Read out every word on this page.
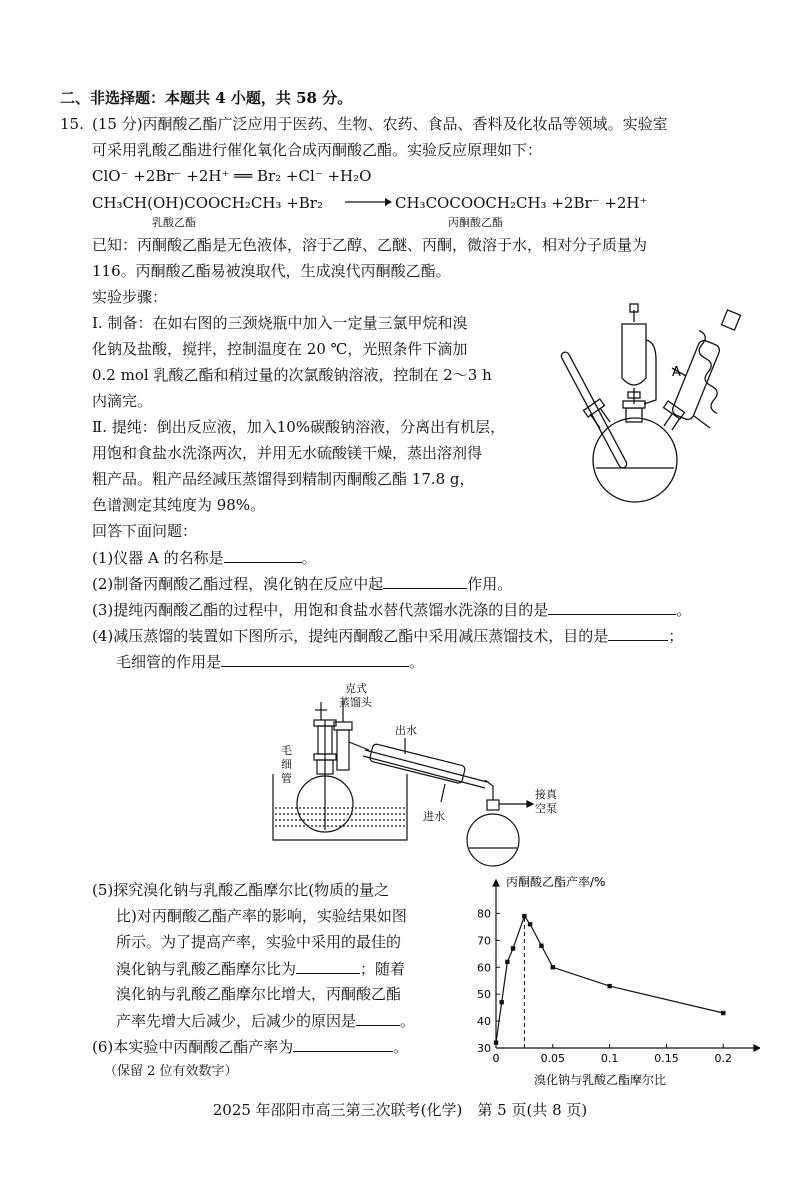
二、非选择题：本题共 4 小题，共 58 分。
15. (15 分)丙酮酸乙酯广泛应用于医药、生物、农药、食品、香料及化妆品等领域。实验室
可采用乳酸乙酯进行催化氧化合成丙酮酸乙酯。实验反应原理如下：
ClO⁻ +2Br⁻ +2H⁺ ══ Br₂ +Cl⁻ +H₂O
CH₃CH(OH)COOCH₂CH₃ +Br₂ → CH₃COCOOCH₂CH₃ +2Br⁻ +2H⁺
乳酸乙酯	丙酮酸乙酯
已知：丙酮酸乙酯是无色液体，溶于乙醇、乙醚、丙酮，微溶于水，相对分子质量为
116。丙酮酸乙酯易被溴取代，生成溴代丙酮酸乙酯。
实验步骤：
Ⅰ. 制备：在如右图的三颈烧瓶中加入一定量三氯甲烷和溴
化钠及盐酸，搅拌，控制温度在 20 ℃，光照条件下滴加
0.2 mol 乳酸乙酯和稍过量的次氯酸钠溶液，控制在 2～3 h
内滴完。
Ⅱ. 提纯：倒出反应液，加入10%碳酸钠溶液，分离出有机层，
用饱和食盐水洗涤两次，并用无水硫酸镁干燥，蒸出溶剂得
粗产品。粗产品经减压蒸馏得到精制丙酮酸乙酯 17.8 g，
色谱测定其纯度为 98%。
A
回答下面问题：
(1)仪器 A 的名称是	。
(2)制备丙酮酸乙酯过程，溴化钠在反应中起	作用。
(3)提纯丙酮酸乙酯的过程中，用饱和食盐水替代蒸馏水洗涤的目的是	。
(4)减压蒸馏的装置如下图所示，提纯丙酮酸乙酯中采用减压蒸馏技术，目的是	；
毛细管的作用是	。
克式
蒸馏头
出水
进水
毛
细
管
接真
空泵
(5)探究溴化钠与乳酸乙酯摩尔比(物质的量之
比)对丙酮酸乙酯产率的影响，实验结果如图
所示。为了提高产率，实验中采用的最佳的
溴化钠与乳酸乙酯摩尔比为	；随着
溴化钠与乳酸乙酯摩尔比增大，丙酮酸乙酯
产率先增大后减少，后减少的原因是	。
(6)本实验中丙酮酸乙酯产率为	。
（保留 2 位有效数字）
0	0.05	0.1	0.15	0.2
30
40
50
60
70
80
丙酮酸乙酯产率/%
溴化钠与乳酸乙酯摩尔比
2025 年邵阳市高三第三次联考(化学)　第 5 页(共 8 页)
